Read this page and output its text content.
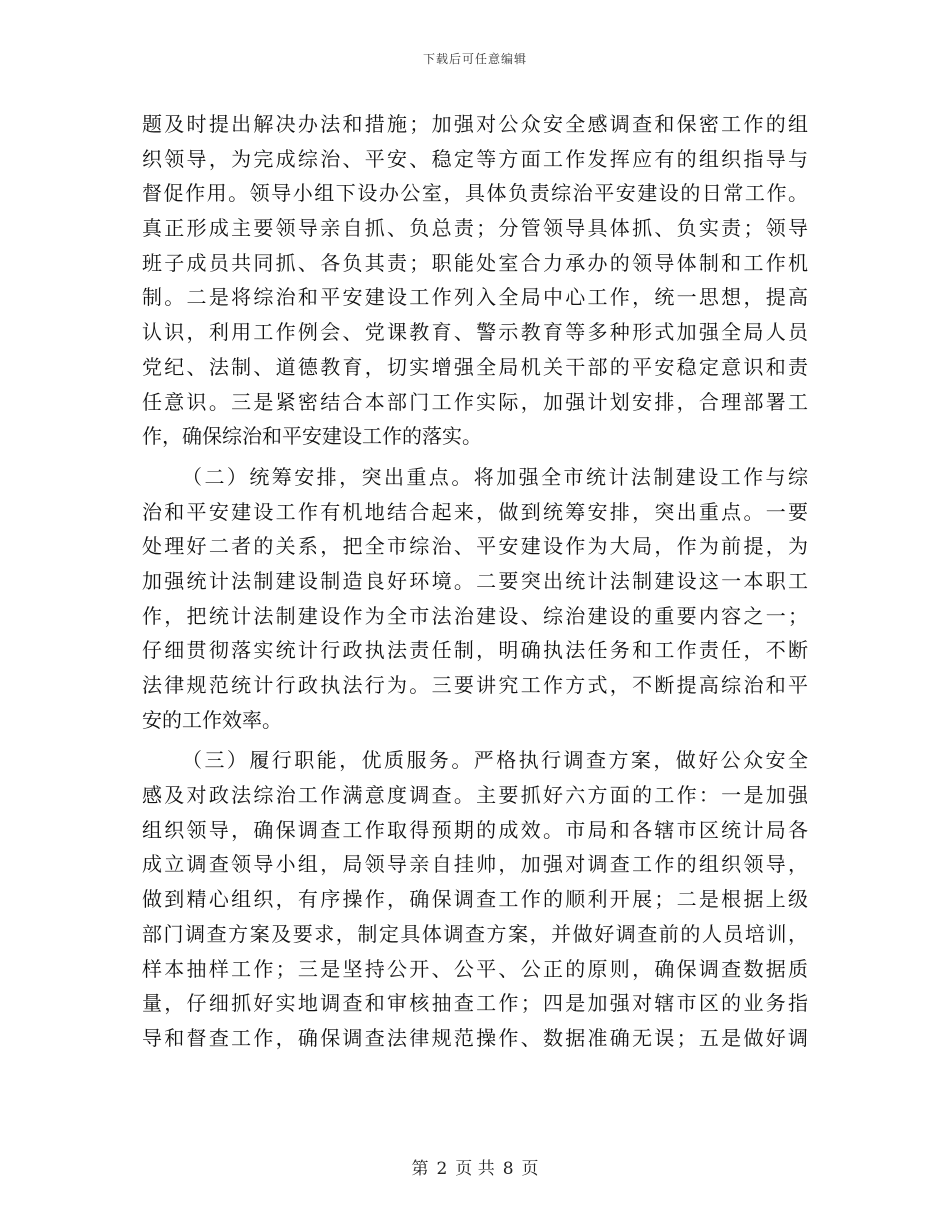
下载后可任意编辑
题及时提出解决办法和措施；加强对公众安全感调查和保密工作的组
织领导，为完成综治、平安、稳定等方面工作发挥应有的组织指导与
督促作用。领导小组下设办公室，具体负责综治平安建设的日常工作。
真正形成主要领导亲自抓、负总责；分管领导具体抓、负实责；领导
班子成员共同抓、各负其责；职能处室合力承办的领导体制和工作机
制。二是将综治和平安建设工作列入全局中心工作，统一思想，提高
认识，利用工作例会、党课教育、警示教育等多种形式加强全局人员
党纪、法制、道德教育，切实增强全局机关干部的平安稳定意识和责
任意识。三是紧密结合本部门工作实际，加强计划安排，合理部署工
作，确保综治和平安建设工作的落实。
（二）统筹安排，突出重点。将加强全市统计法制建设工作与综
治和平安建设工作有机地结合起来，做到统筹安排，突出重点。一要
处理好二者的关系，把全市综治、平安建设作为大局，作为前提，为
加强统计法制建设制造良好环境。二要突出统计法制建设这一本职工
作，把统计法制建设作为全市法治建设、综治建设的重要内容之一；
仔细贯彻落实统计行政执法责任制，明确执法任务和工作责任，不断
法律规范统计行政执法行为。三要讲究工作方式，不断提高综治和平
安的工作效率。
（三）履行职能，优质服务。严格执行调查方案，做好公众安全
感及对政法综治工作满意度调查。主要抓好六方面的工作：一是加强
组织领导，确保调查工作取得预期的成效。市局和各辖市区统计局各
成立调查领导小组，局领导亲自挂帅，加强对调查工作的组织领导，
做到精心组织，有序操作，确保调查工作的顺利开展；二是根据上级
部门调查方案及要求，制定具体调查方案，并做好调查前的人员培训，
样本抽样工作；三是坚持公开、公平、公正的原则，确保调查数据质
量，仔细抓好实地调查和审核抽查工作；四是加强对辖市区的业务指
导和督查工作，确保调查法律规范操作、数据准确无误；五是做好调
第 2 页 共 8 页
